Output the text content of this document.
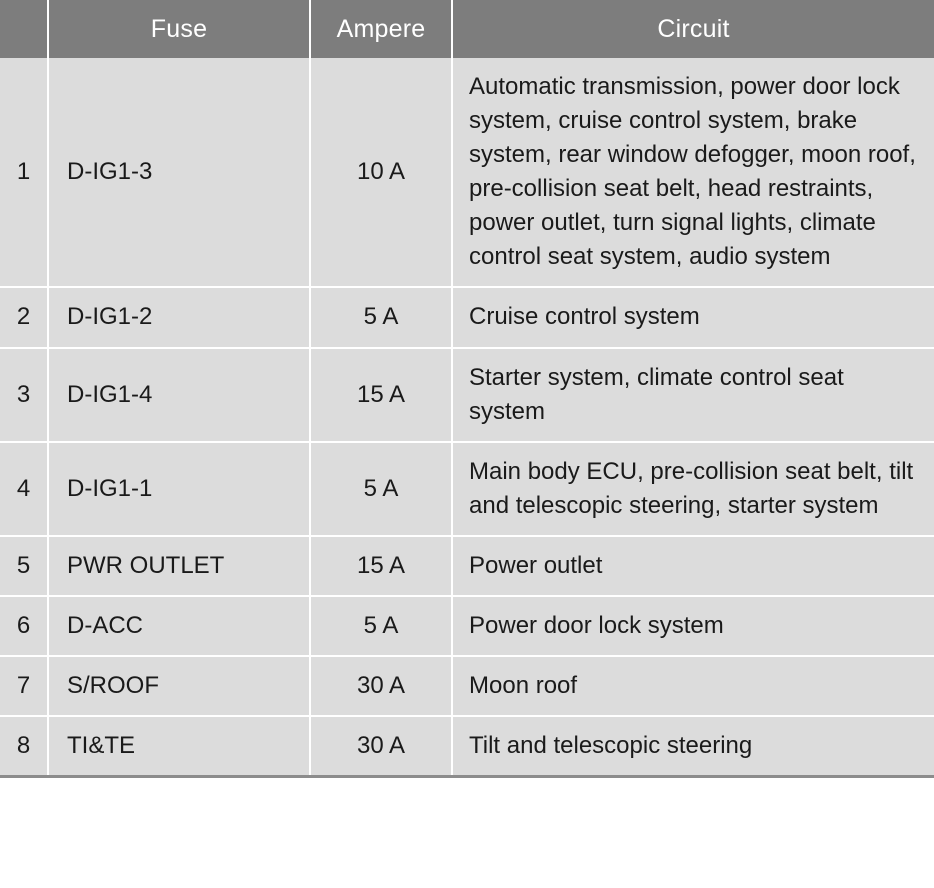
	Fuse	Ampere	Circuit
1	D-IG1-3	10 A	Automatic transmission, power door lock system, cruise control system, brake system, rear window defogger, moon roof, pre-collision seat belt, head restraints, power outlet, turn signal lights, climate control seat system, audio system
2	D-IG1-2	5 A	Cruise control system
3	D-IG1-4	15 A	Starter system, climate control seat system
4	D-IG1-1	5 A	Main body ECU, pre-collision seat belt, tilt and telescopic steering, starter system
5	PWR OUTLET	15 A	Power outlet
6	D-ACC	5 A	Power door lock system
7	S/ROOF	30 A	Moon roof
8	TI&TE	30 A	Tilt and telescopic steering
